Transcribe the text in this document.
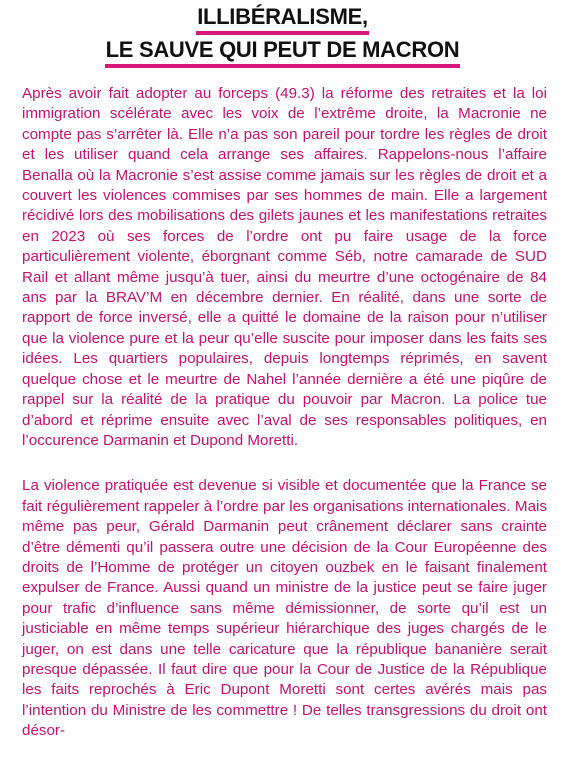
ILLIBÉRALISME,
LE SAUVE QUI PEUT DE MACRON

Après avoir fait adopter au forceps (49.3) la réforme des retraites et la loi immigration scélérate avec les voix de l’extrême droite, la Macronie ne compte pas s’arrêter là. Elle n’a pas son pareil pour tordre les règles de droit et les utiliser quand cela arrange ses affaires. Rappelons-nous l’affaire Benalla où la Macronie s’est assise comme jamais sur les règles de droit et a couvert les violences commises par ses hommes de main. Elle a largement récidivé lors des mobilisations des gilets jaunes et les manifestations retraites en 2023 où ses forces de l’ordre ont pu faire usage de la force particulièrement violente, éborgnant comme Séb, notre camarade de SUD Rail et allant même jusqu’à tuer, ainsi du meurtre d’une octogénaire de 84 ans par la BRAV’M en décembre dernier. En réalité, dans une sorte de rapport de force inversé, elle a quitté le domaine de la raison pour n’utiliser que la violence pure et la peur qu’elle suscite pour imposer dans les faits ses idées. Les quartiers populaires, depuis longtemps réprimés, en savent quelque chose et le meurtre de Nahel l’année dernière a été une piqûre de rappel sur la réalité de la pratique du pouvoir par Macron. La police tue d’abord et réprime ensuite avec l’aval de ses responsables politiques, en l’occurence Darmanin et Dupond Moretti.

La violence pratiquée est devenue si visible et documentée que la France se fait régulièrement rappeler à l’ordre par les organisations internationales. Mais même pas peur, Gérald Darmanin peut crânement déclarer sans crainte d’être démenti qu’il passera outre une décision de la Cour Européenne des droits de l’Homme de protéger un citoyen ouzbek en le faisant finalement expulser de France. Aussi quand un ministre de la justice peut se faire juger pour trafic d’influence sans même démissionner, de sorte qu’il est un justiciable en même temps supérieur hiérarchique des juges chargés de le juger, on est dans une telle caricature que la république bananière serait presque dépassée. Il faut dire que pour la Cour de Justice de la République les faits reprochés à Eric Dupont Moretti sont certes avérés mais pas l’intention du Ministre de les commettre ! De telles transgressions du droit ont désor-
